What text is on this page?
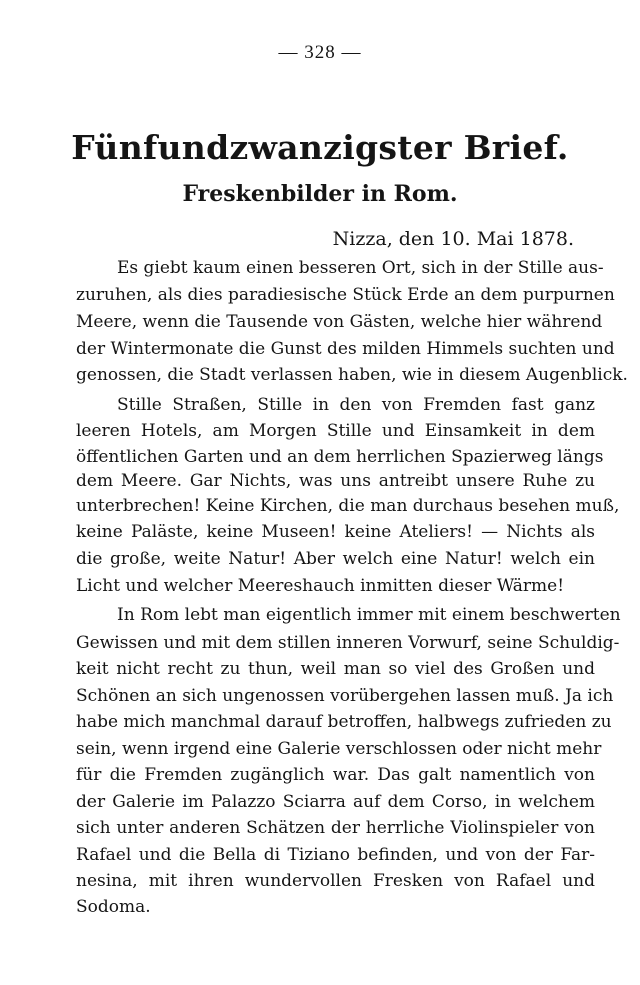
— 328 —
Fünfundzwanzigster Brief.
Freskenbilder in Rom.
Nizza, den 10. Mai 1878.
Es giebt kaum einen besseren Ort, sich in der Stille aus-
zuruhen, als dies paradiesische Stück Erde an dem purpurnen
Meere, wenn die Tausende von Gästen, welche hier während
der Wintermonate die Gunst des milden Himmels suchten und
genossen, die Stadt verlassen haben, wie in diesem Augenblick.
Stille Straßen, Stille in den von Fremden fast ganz
leeren Hotels, am Morgen Stille und Einsamkeit in dem
öffentlichen Garten und an dem herrlichen Spazierweg längs
dem Meere. Gar Nichts, was uns antreibt unsere Ruhe zu
unterbrechen! Keine Kirchen, die man durchaus besehen muß,
keine Paläste, keine Museen! keine Ateliers! — Nichts als
die große, weite Natur! Aber welch eine Natur! welch ein
Licht und welcher Meereshauch inmitten dieser Wärme!
In Rom lebt man eigentlich immer mit einem beschwerten
Gewissen und mit dem stillen inneren Vorwurf, seine Schuldig-
keit nicht recht zu thun, weil man so viel des Großen und
Schönen an sich ungenossen vorübergehen lassen muß. Ja ich
habe mich manchmal darauf betroffen, halbwegs zufrieden zu
sein, wenn irgend eine Galerie verschlossen oder nicht mehr
für die Fremden zugänglich war. Das galt namentlich von
der Galerie im Palazzo Sciarra auf dem Corso, in welchem
sich unter anderen Schätzen der herrliche Violinspieler von
Rafael und die Bella di Tiziano befinden, und von der Far-
nesina, mit ihren wundervollen Fresken von Rafael und
Sodoma.
